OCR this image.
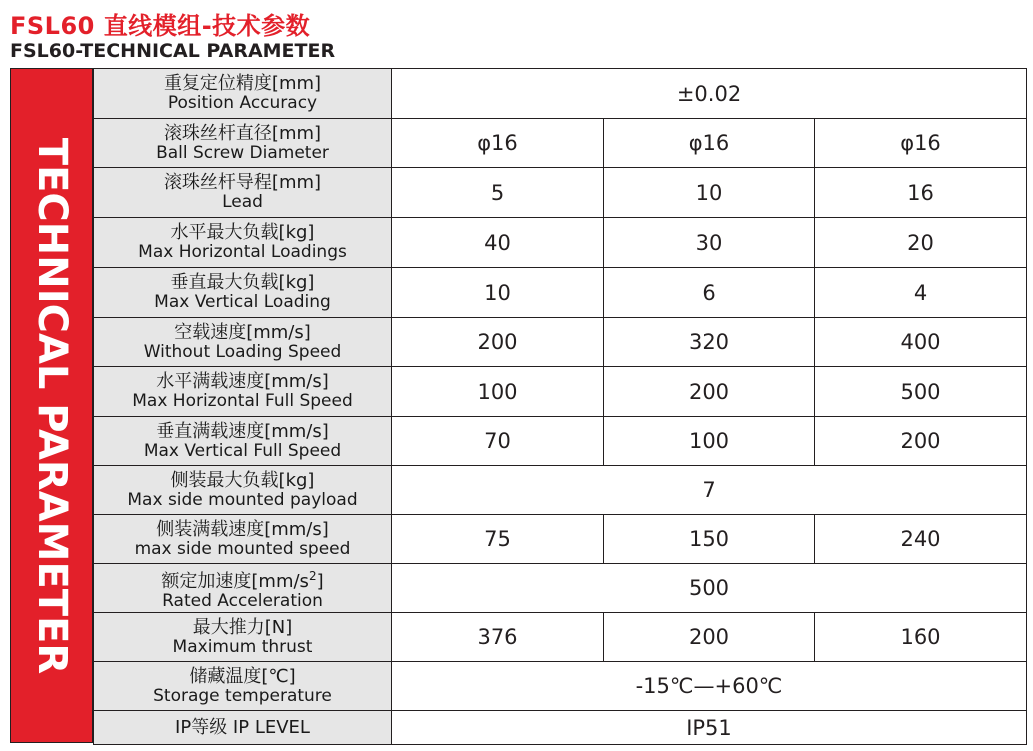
FSL60 直线模组-技术参数
FSL60-TECHNICAL PARAMETER
TECHNICAL PARAMETER
重复定位精度[mm]
Position Accuracy	±0.02		

滚珠丝杆直径[mm]
Ball Screw Diameter	φ16	φ16	φ16

滚珠丝杆导程[mm]
Lead	5	10	16

水平最大负载[kg]
Max Horizontal Loadings	40	30	20

垂直最大负载[kg]
Max Vertical Loading	10	6	4

空载速度[mm/s]
Without Loading Speed	200	320	400

水平满载速度[mm/s]
Max Horizontal Full Speed	100	200	500

垂直满载速度[mm/s]
Max Vertical Full Speed	70	100	200

侧装最大负载[kg]
Max side mounted payload	7		

侧装满载速度[mm/s]
max side mounted speed	75	150	240

额定加速度$[mm/s^2]$
Rated Acceleration	500		

最大推力[N]
Maximum thrust	376	200	160

储藏温度[℃]
Storage temperature	-15℃—+60℃		

IP等级 IP LEVEL	IP51		
